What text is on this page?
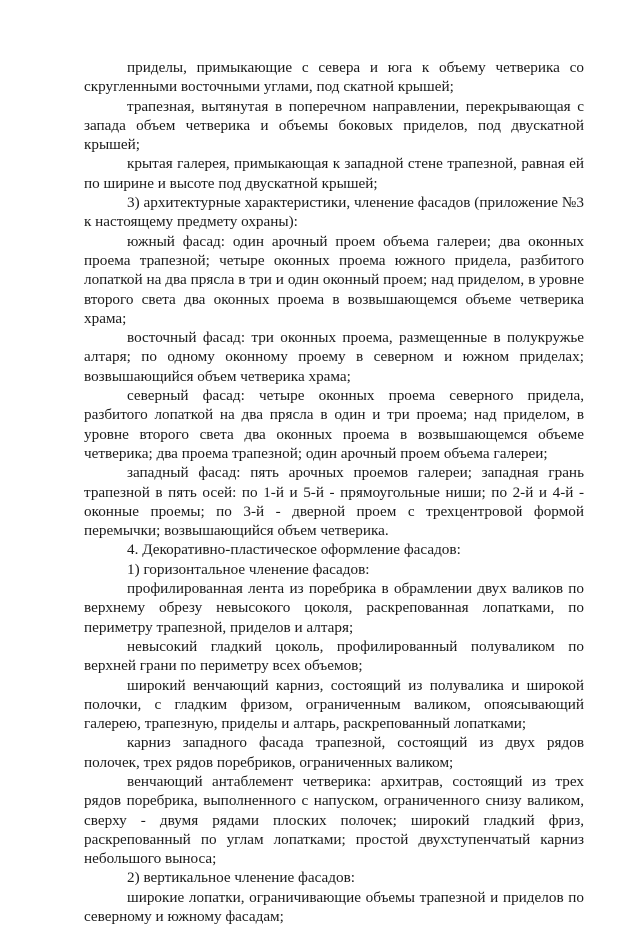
приделы, примыкающие с севера и юга к объему четверика со скругленными восточными углами, под скатной крышей;

трапезная, вытянутая в поперечном направлении, перекрывающая с запада объем четверика и объемы боковых приделов, под двускатной крышей;

крытая галерея, примыкающая к западной стене трапезной, равная ей по ширине и высоте под двускатной крышей;

3) архитектурные характеристики, членение фасадов (приложение №3 к настоящему предмету охраны):

южный фасад: один арочный проем объема галереи; два оконных проема трапезной; четыре оконных проема южного придела, разбитого лопаткой на два прясла в три и один оконный проем; над приделом, в уровне второго света два оконных проема в возвышающемся объеме четверика храма;

восточный фасад: три оконных проема, размещенные в полукружье алтаря; по одному оконному проему в северном и южном приделах; возвышающийся объем четверика храма;

северный фасад: четыре оконных проема северного придела, разбитого лопаткой на два прясла в один и три проема; над приделом, в уровне второго света два оконных проема в возвышающемся объеме четверика; два проема трапезной; один арочный проем объема галереи;

западный фасад: пять арочных проемов галереи; западная грань трапезной в пять осей: по 1-й и 5-й - прямоугольные ниши; по 2-й и 4-й - оконные проемы; по 3-й - дверной проем с трехцентровой формой перемычки; возвышающийся объем четверика.

4. Декоративно-пластическое оформление фасадов:

1) горизонтальное членение фасадов:

профилированная лента из поребрика в обрамлении двух валиков по верхнему обрезу невысокого цоколя, раскрепованная лопатками, по периметру трапезной, приделов и алтаря;

невысокий гладкий цоколь, профилированный полувaликом по верхней грани по периметру всех объемов;

широкий венчающий карниз, состоящий из полувалика и широкой полочки, с гладким фризом, ограниченным валиком, опоясывающий галерею, трапезную, приделы и алтарь, раскрепованный лопатками;

карниз западного фасада трапезной, состоящий из двух рядов полочек, трех рядов поребриков, ограниченных валиком;

венчающий антаблемент четверика: архитрав, состоящий из трех рядов поребрика, выполненного с напуском, ограниченного снизу валиком, сверху - двумя рядами плоских полочек; широкий гладкий фриз, раскрепованный по углам лопатками; простой двухступенчатый карниз небольшого выноса;

2) вертикальное членение фасадов:

широкие лопатки, ограничивающие объемы трапезной и приделов по северному и южному фасадам;
